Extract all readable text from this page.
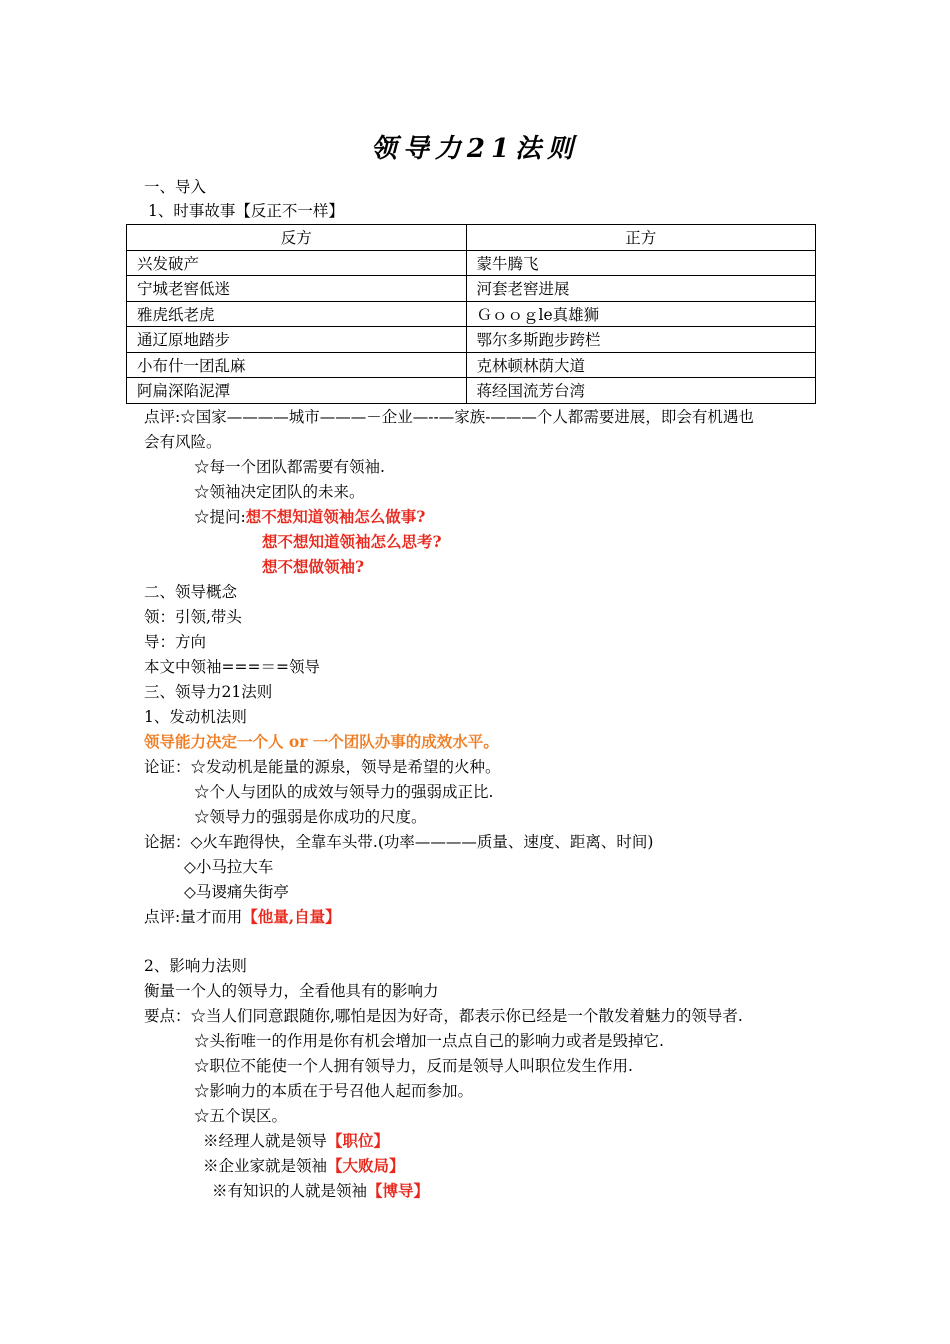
领导力21法则
一、导入
1、时事故事【反正不一样】
反方	正方
兴发破产	蒙牛腾飞
宁城老窖低迷	河套老窖进展
雅虎纸老虎	Ｇｏｏｇle真雄狮
通辽原地踏步	鄂尔多斯跑步跨栏
小布什一团乱麻	克林顿林荫大道
阿扁深陷泥潭	蒋经国流芳台湾
点评:☆国家————城市———－企业—--—家族-———个人都需要进展，即会有机遇也
会有风险。
☆每一个团队都需要有领袖.
☆领袖决定团队的未来。
☆提问:想不想知道领袖怎么做事?
想不想知道领袖怎么思考?
想不想做领袖?
二、领导概念
领：引领,带头
导：方向
本文中领袖===＝=领导
三、领导力21法则
1、发动机法则
领导能力决定一个人 or 一个团队办事的成效水平。
论证：☆发动机是能量的源泉，领导是希望的火种。
☆个人与团队的成效与领导力的强弱成正比.
☆领导力的强弱是你成功的尺度。
论据：◇火车跑得快，全靠车头带.(功率————质量、速度、距离、时间)
◇小马拉大车
◇马谡痛失街亭
点评:量才而用【他量,自量】
2、影响力法则
衡量一个人的领导力，全看他具有的影响力
要点：☆当人们同意跟随你,哪怕是因为好奇，都表示你已经是一个散发着魅力的领导者.
☆头衔唯一的作用是你有机会增加一点点自己的影响力或者是毁掉它.
☆职位不能使一个人拥有领导力，反而是领导人叫职位发生作用.
☆影响力的本质在于号召他人起而参加。
☆五个误区。
※经理人就是领导【职位】
※企业家就是领袖【大败局】
※有知识的人就是领袖【博导】
